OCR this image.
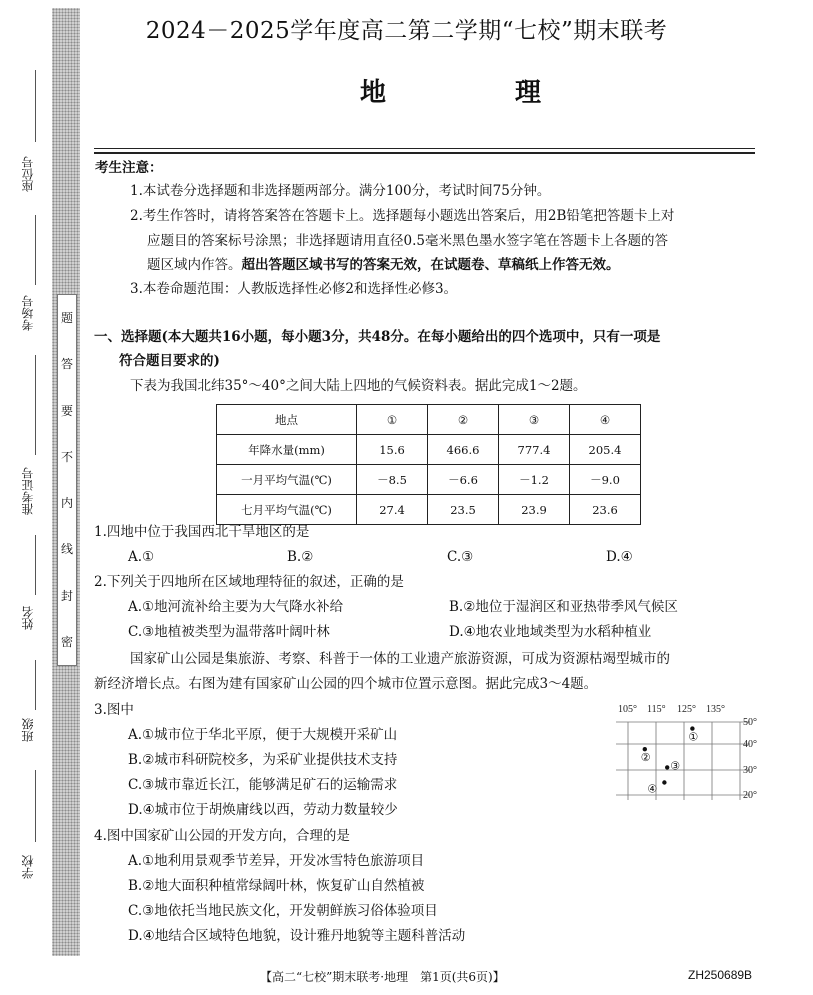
题
答
要
不
内
线
封
密
座位号
考场号
准考证号
姓名
班级
学校
2024－2025学年度高二第二学期“七校”期末联考
地 理
考生注意：
1.本试卷分选择题和非选择题两部分。满分100分，考试时间75分钟。
2.考生作答时，请将答案答在答题卡上。选择题每小题选出答案后，用2B铅笔把答题卡上对
应题目的答案标号涂黑；非选择题请用直径0.5毫米黑色墨水签字笔在答题卡上各题的答
题区域内作答。超出答题区域书写的答案无效，在试题卷、草稿纸上作答无效。
3.本卷命题范围：人教版选择性必修2和选择性必修3。
一、选择题(本大题共16小题，每小题3分，共48分。在每小题给出的四个选项中，只有一项是
符合题目要求的)
下表为我国北纬35°～40°之间大陆上四地的气候资料表。据此完成1～2题。
地点	①	②	③	④
年降水量(mm)	15.6	466.6	777.4	205.4
一月平均气温(℃)	－8.5	－6.6	－1.2	－9.0
七月平均气温(℃)	27.4	23.5	23.9	23.6
1.四地中位于我国西北干旱地区的是
A.①	B.②	C.③	D.④
2.下列关于四地所在区域地理特征的叙述，正确的是
A.①地河流补给主要为大气降水补给	B.②地位于湿润区和亚热带季风气候区
C.③地植被类型为温带落叶阔叶林	D.④地农业地域类型为水稻种植业
国家矿山公园是集旅游、考察、科普于一体的工业遗产旅游资源，可成为资源枯竭型城市的
新经济增长点。右图为建有国家矿山公园的四个城市位置示意图。据此完成3～4题。
3.图中
A.①城市位于华北平原，便于大规模开采矿山
B.②城市科研院校多，为采矿业提供技术支持
C.③城市靠近长江，能够满足矿石的运输需求
D.④城市位于胡焕庸线以西，劳动力数量较少
4.图中国家矿山公园的开发方向，合理的是
A.①地利用景观季节差异，开发冰雪特色旅游项目
B.②地大面积种植常绿阔叶林，恢复矿山自然植被
C.③地依托当地民族文化，开发朝鲜族习俗体验项目
D.④地结合区域特色地貌，设计雅丹地貌等主题科普活动
105° 115° 125° 135°
50°
40°
30°
20°
①
②
③
④
【高二“七校”期末联考·地理　第1页(共6页)】	ZH250689B
